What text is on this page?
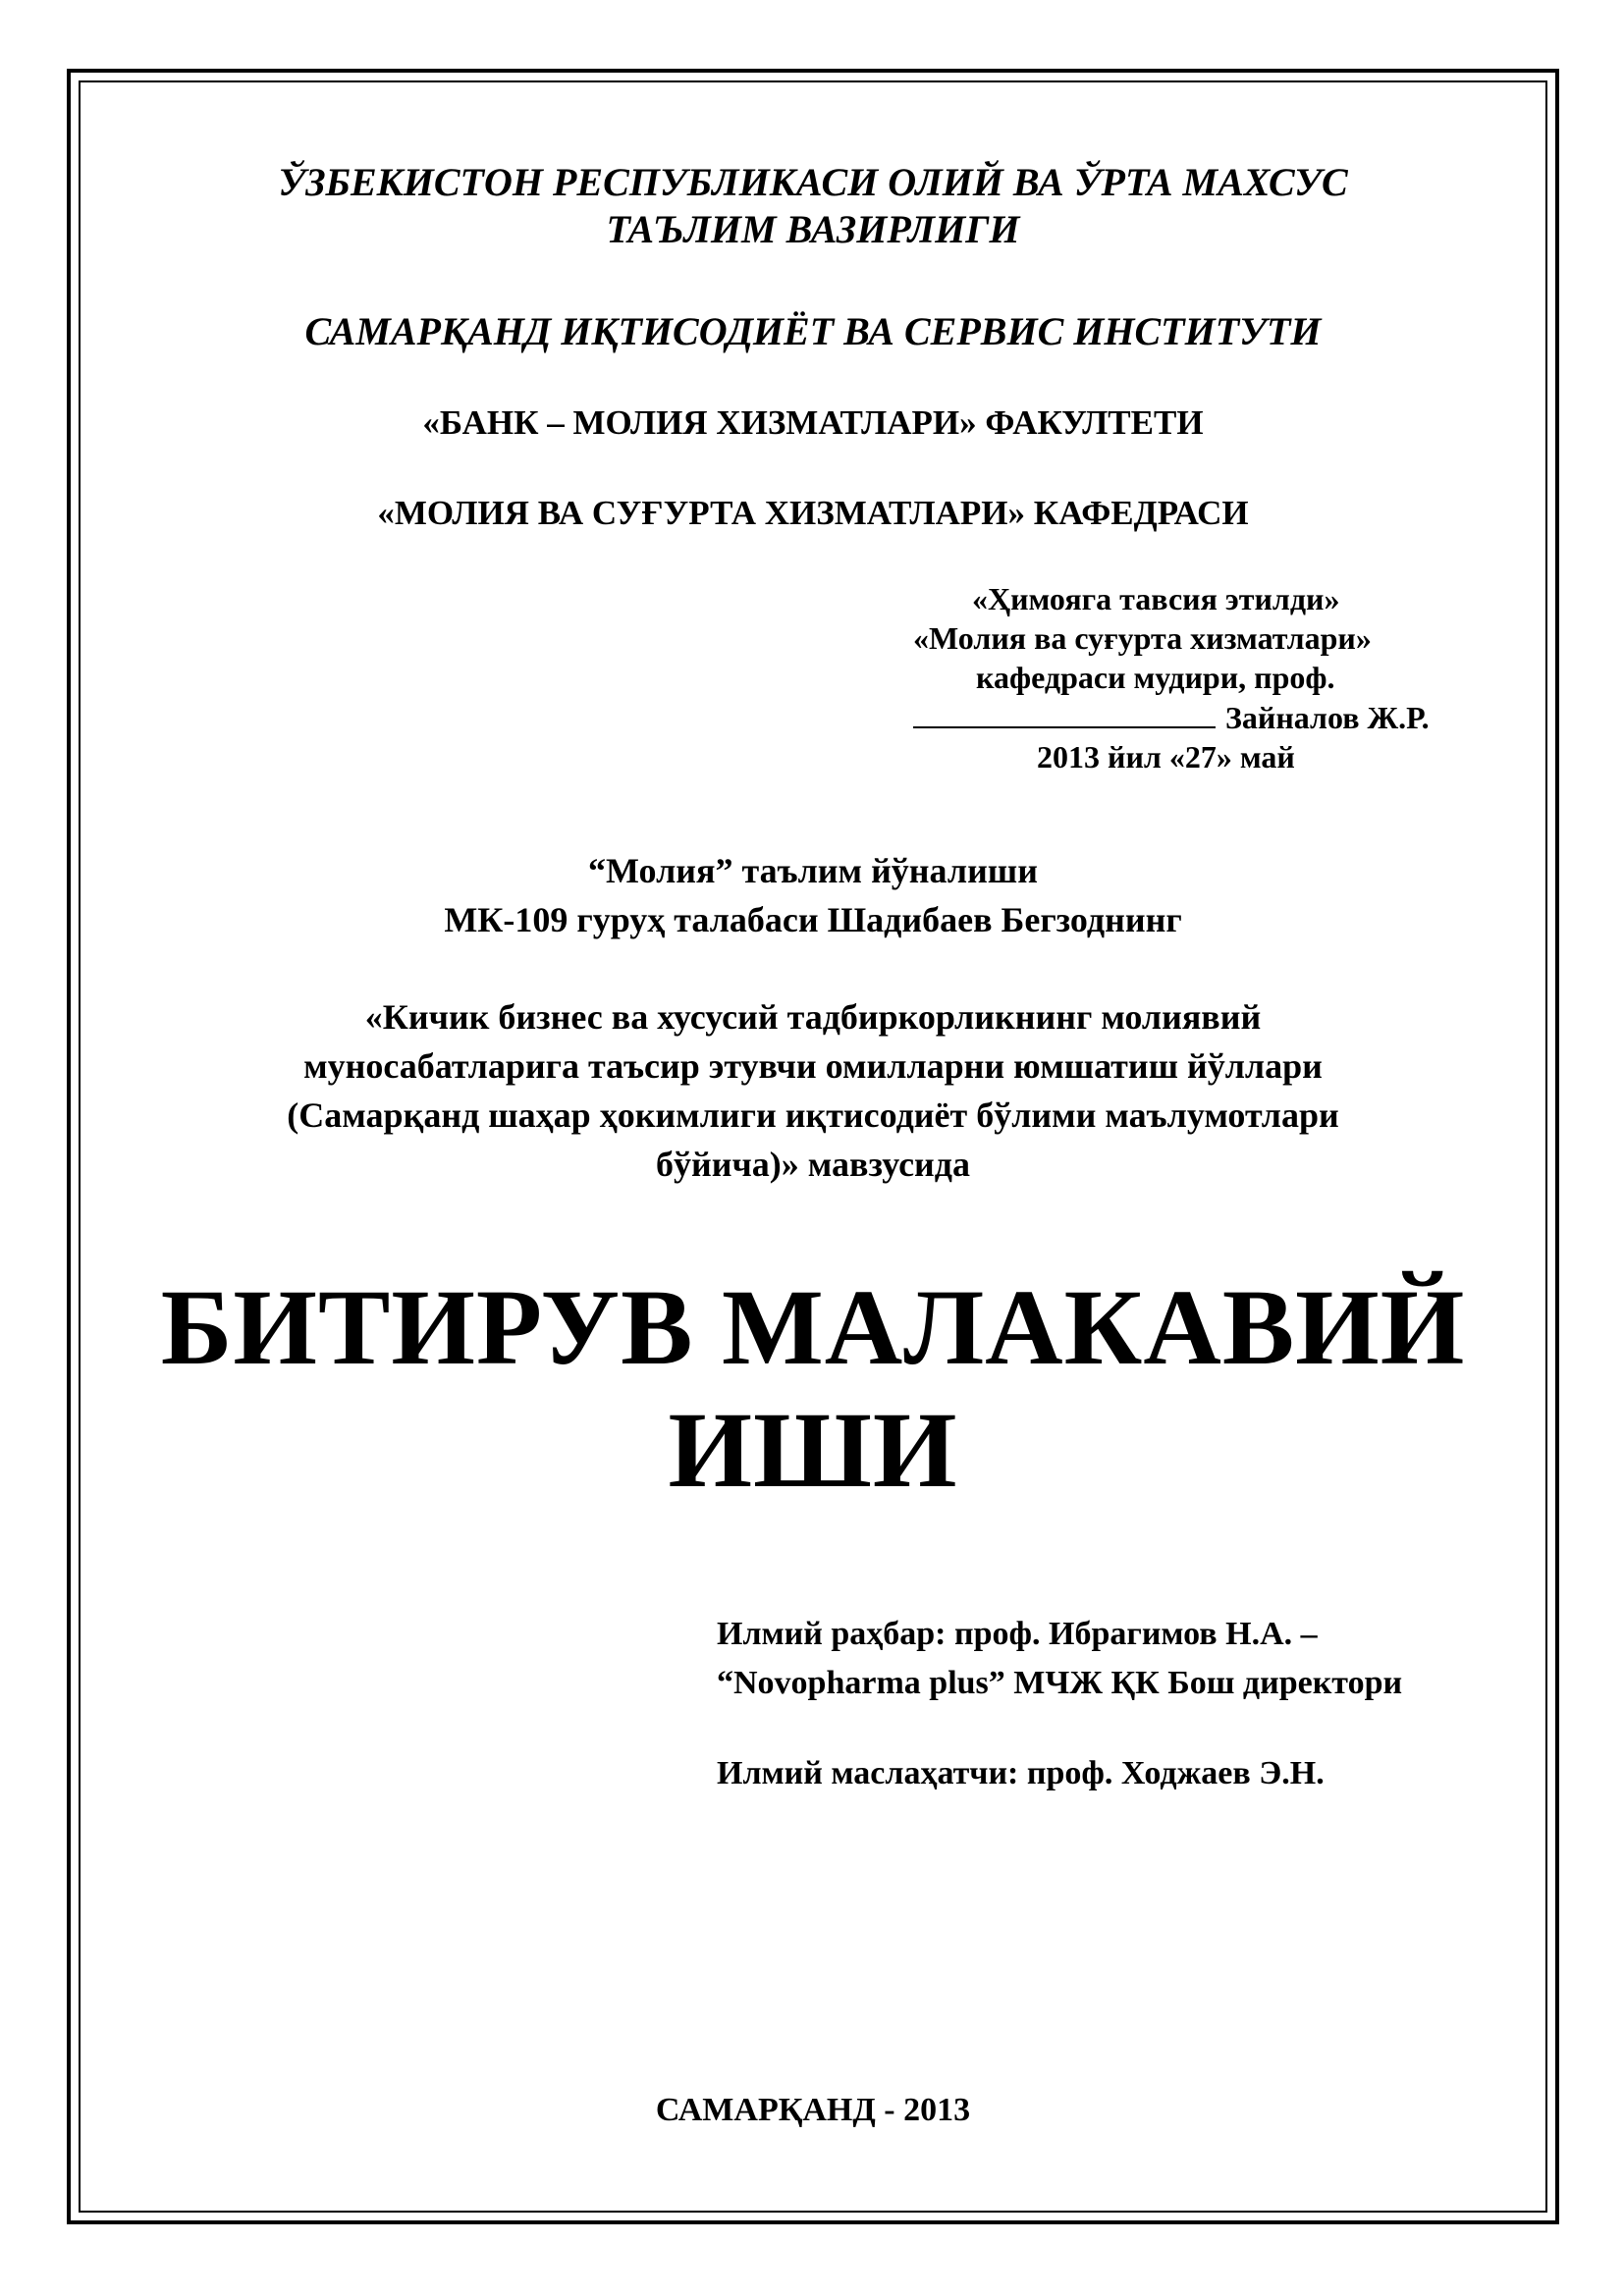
ЎЗБЕКИСТОН РЕСПУБЛИКАСИ ОЛИЙ ВА ЎРТА МАХСУС
ТАЪЛИМ ВАЗИРЛИГИ
САМАРҚАНД ИҚТИСОДИЁТ ВА СЕРВИС ИНСТИТУТИ
«БАНК – МОЛИЯ ХИЗМАТЛАРИ» ФАКУЛТЕТИ
«МОЛИЯ ВА СУҒУРТА ХИЗМАТЛАРИ» КАФЕДРАСИ
«Ҳимояга тавсия этилди»
«Молия ва суғурта хизматлари»
кафедраси мудири, проф.
Зайналов Ж.Р.
2013 йил «27» май
“Молия” таълим йўналиши
МК-109 гуруҳ талабаси Шадибаев Бегзоднинг
«Кичик бизнес ва хусусий тадбиркорликнинг молиявий
муносабатларига таъсир этувчи омилларни юмшатиш йўллари
(Самарқанд шаҳар ҳокимлиги иқтисодиёт бўлими маълумотлари
бўйича)» мавзусида
БИТИРУВ МАЛАКАВИЙ
ИШИ
Илмий раҳбар: проф. Ибрагимов Н.А. –
“Novopharma plus” МЧЖ ҚК Бош директори
Илмий маслаҳатчи: проф. Ходжаев Э.Н.
САМАРҚАНД - 2013
